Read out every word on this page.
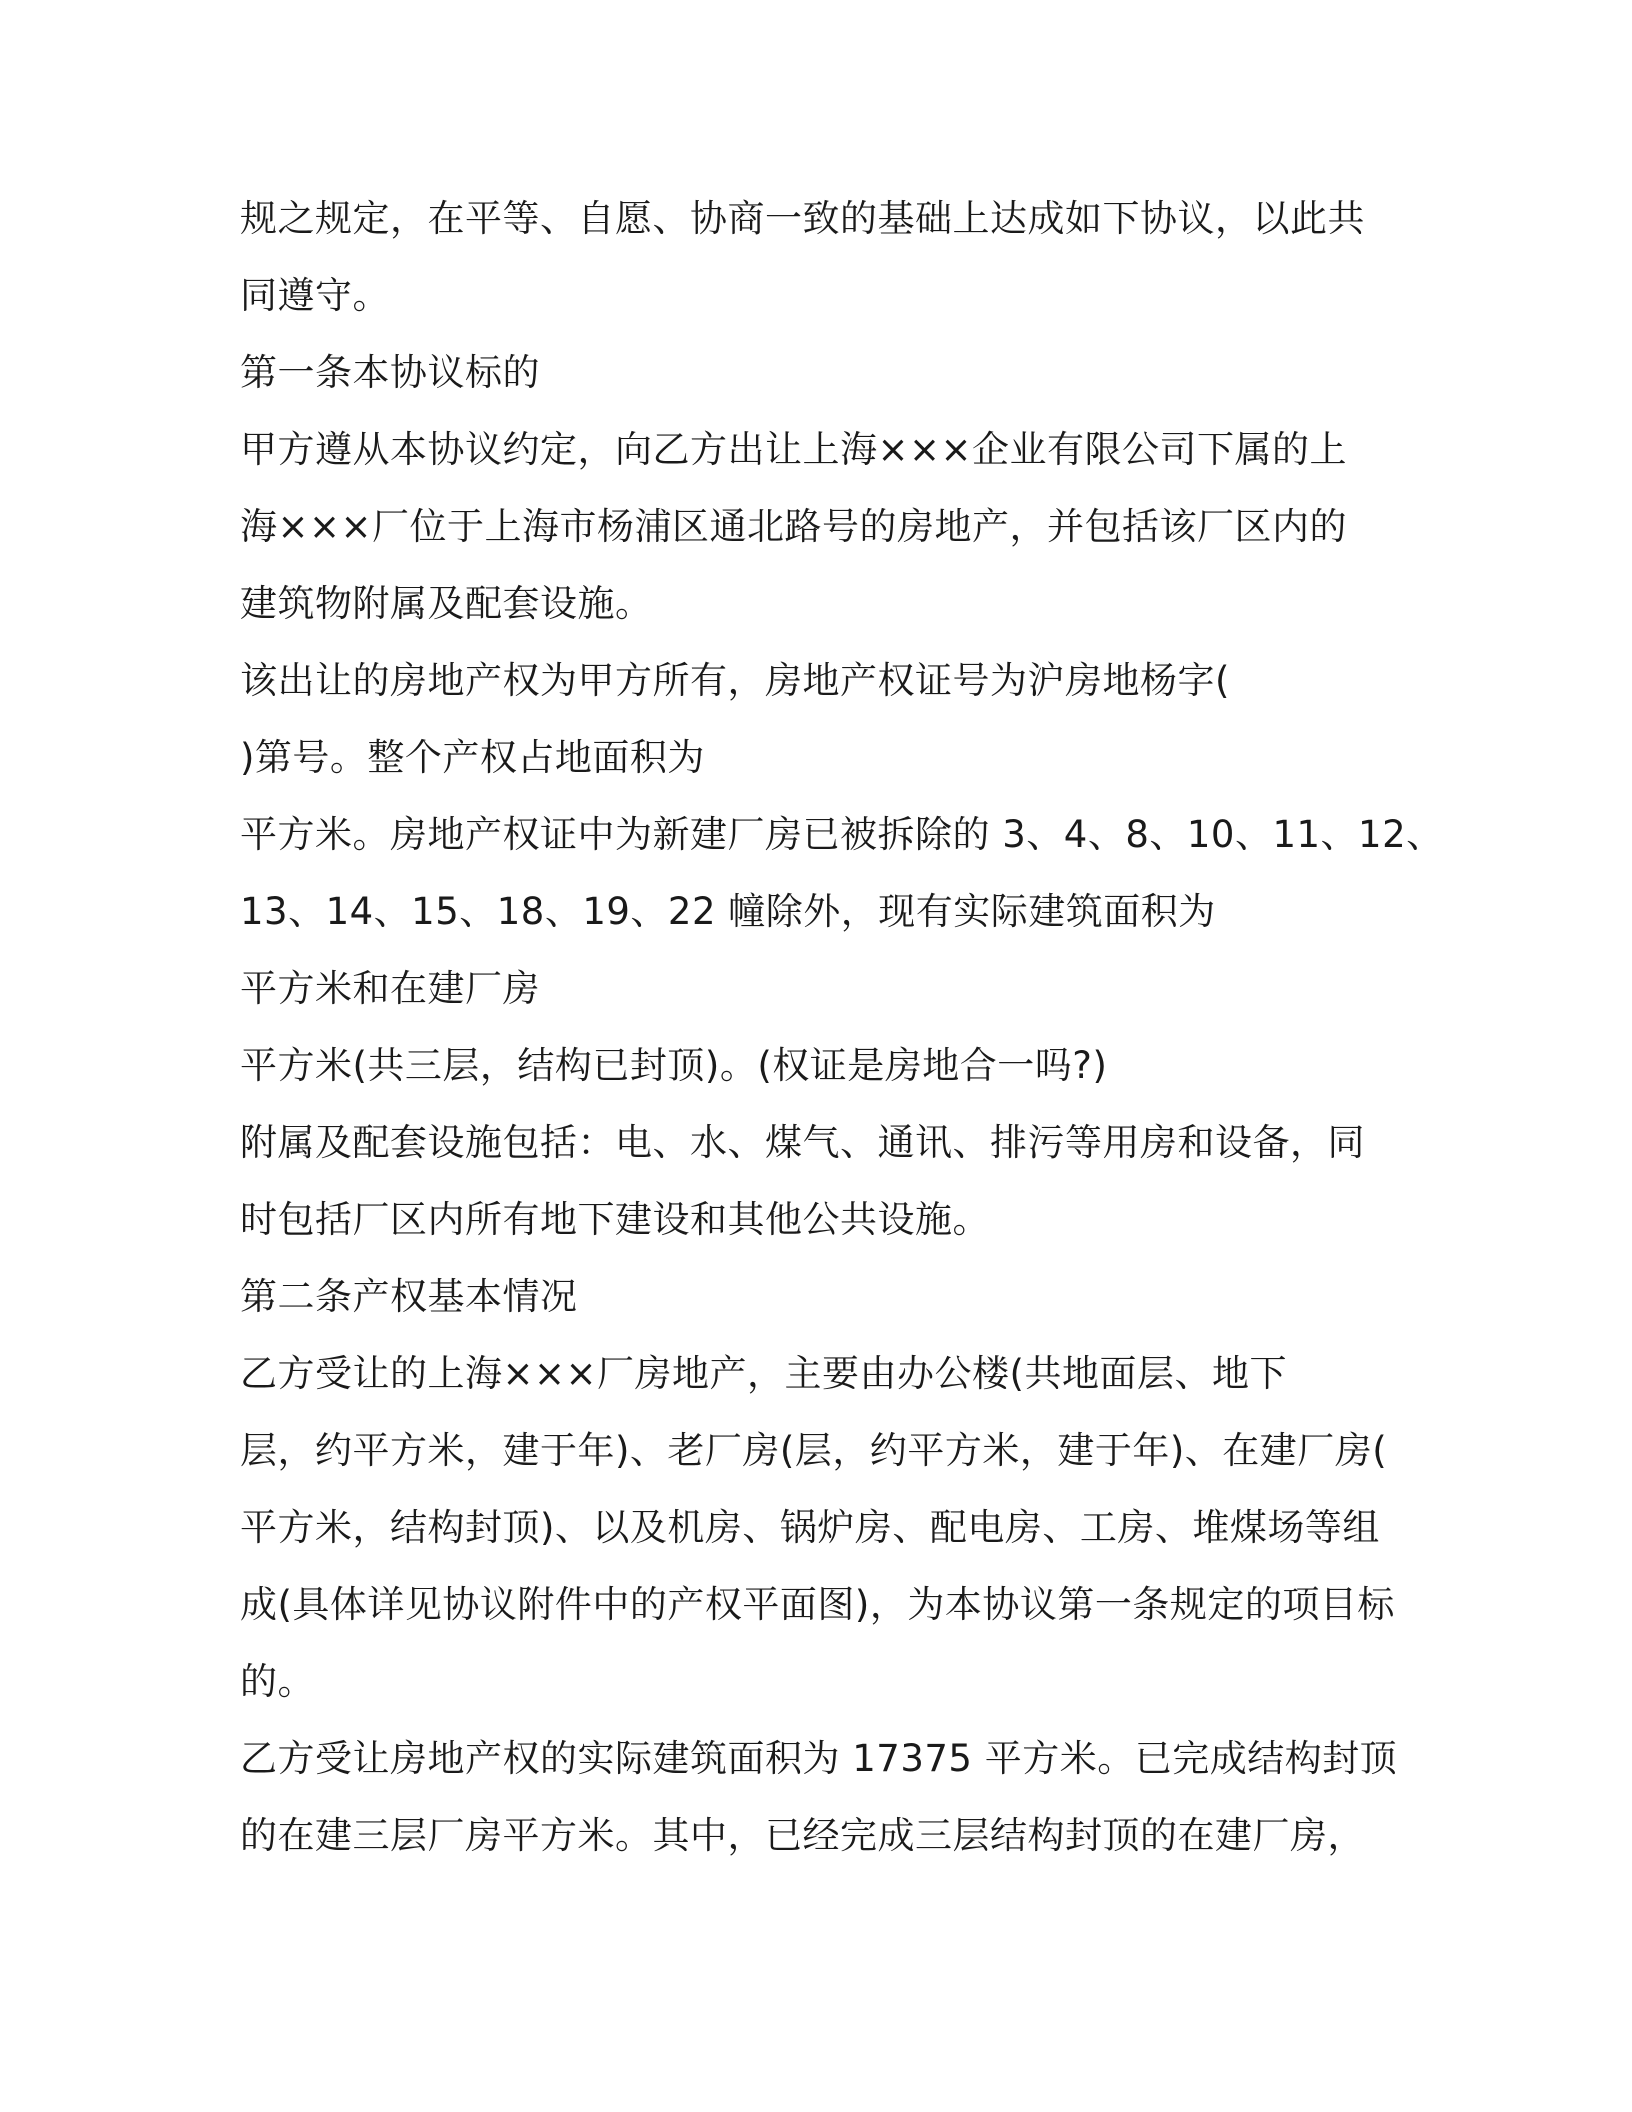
规之规定，在平等、自愿、协商一致的基础上达成如下协议，以此共
同遵守。
第一条本协议标的
甲方遵从本协议约定，向乙方出让上海×××企业有限公司下属的上
海×××厂位于上海市杨浦区通北路号的房地产，并包括该厂区内的
建筑物附属及配套设施。
该出让的房地产权为甲方所有，房地产权证号为沪房地杨字(
)第号。整个产权占地面积为
平方米。房地产权证中为新建厂房已被拆除的 3、4、8、10、11、12、
13、14、15、18、19、22 幢除外，现有实际建筑面积为
平方米和在建厂房
平方米(共三层，结构已封顶)。(权证是房地合一吗?)
附属及配套设施包括：电、水、煤气、通讯、排污等用房和设备，同
时包括厂区内所有地下建设和其他公共设施。
第二条产权基本情况
乙方受让的上海×××厂房地产，主要由办公楼(共地面层、地下
层，约平方米，建于年)、老厂房(层，约平方米，建于年)、在建厂房(
平方米，结构封顶)、以及机房、锅炉房、配电房、工房、堆煤场等组
成(具体详见协议附件中的产权平面图)，为本协议第一条规定的项目标
的。
乙方受让房地产权的实际建筑面积为 17375 平方米。已完成结构封顶
的在建三层厂房平方米。其中，已经完成三层结构封顶的在建厂房，
